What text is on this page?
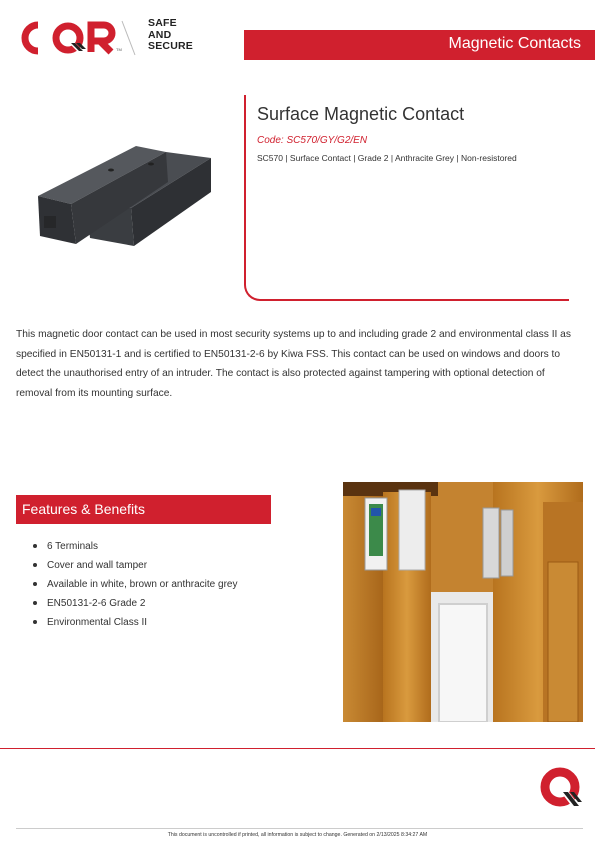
TM
SAFE
AND
SECURE	Magnetic Contacts
Surface Magnetic Contact
Code: SC570/GY/G2/EN
SC570 | Surface Contact | Grade 2 | Anthracite Grey | Non-resistored
This magnetic door contact can be used in most security systems up to and including grade 2 and environmental class II as specified in EN50131-1 and is certified to EN50131-2-6 by Kiwa FSS. This contact can be used on windows and doors to detect the unauthorised entry of an intruder. The contact is also protected against tampering with optional detection of removal from its mounting surface.
Features & Benefits
6 Terminals
Cover and wall tamper
Available in white, brown or anthracite grey
EN50131-2-6 Grade 2
Environmental Class II
This document is uncontrolled if printed, all information is subject to change. Generated on 2/13/2025 8:34:27 AM
